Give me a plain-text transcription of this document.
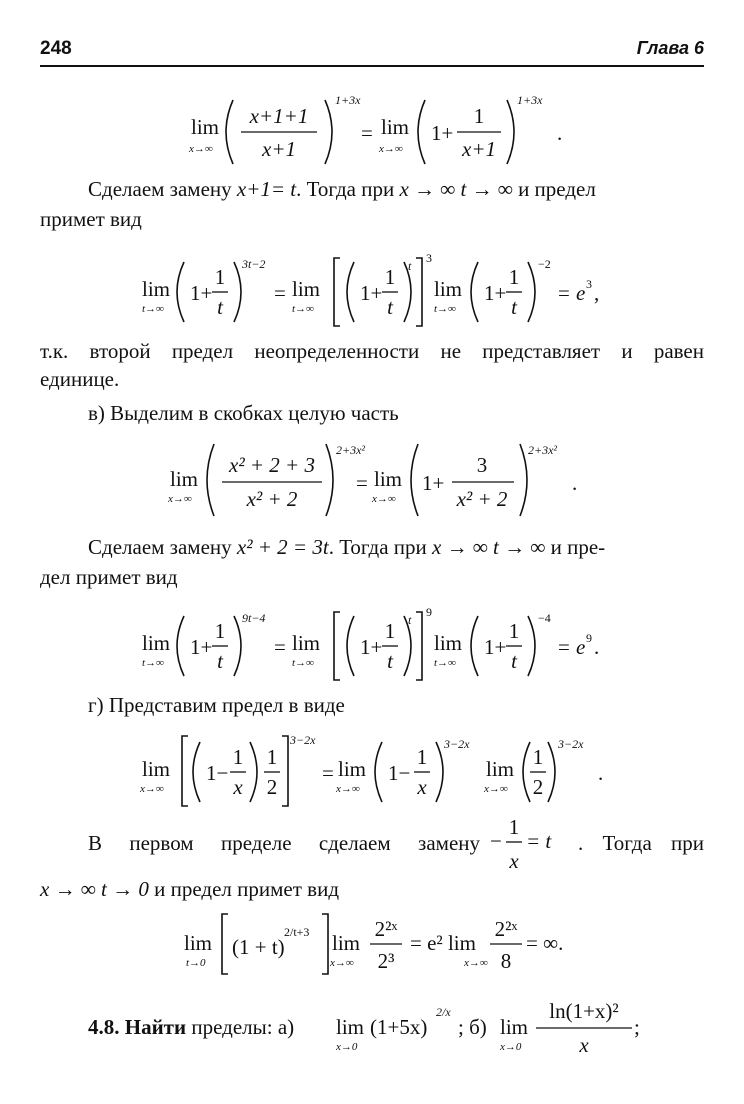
248	Глава 6
lim
x→∞
x+1+1
x+1
1+3x
= lim
x→∞
1+
1
x+1
1+3x
.

Сделаем замену x+1= t. Тогда при x → ∞ t → ∞ и предел

примет вид

lim
t→∞
1+
1
t
3t−2
= lim
t→∞
1+
1
t
t
3
lim
t→∞
1+
1
t
−2
= e 3 ,

т.к. второй предел неопределенности не представляет и равен

единице.

в) Выделим в скобках целую часть

lim
x→∞
x² + 2 + 3
x² + 2
2+3x²
= lim
x→∞
1+
3
x² + 2
2+3x²
.

Сделаем замену x² + 2 = 3t. Тогда при x → ∞ t → ∞ и пре-

дел примет вид

lim
t→∞
1+
1
t
9t−4
= lim
t→∞
1+
1
t
t
9
lim
t→∞
1+
1
t
−4
= e 9 .

г) Представим предел в виде

lim
x→∞
1−
1
x
1
2
3−2x
= lim
x→∞
1−
1
x
3−2x
lim
x→∞
1
2
3−2x
.

В первом пределе сделаем замену −
1
x
= t . Тогда при

x → ∞ t → 0 и предел примет вид

lim
t→0
(1 + t)
2/t+3 lim
x→∞
2²ˣ
2³
= e² lim
x→∞
2²ˣ
8
= ∞.

4.8. Найти пределы: а) lim
x→0
(1+5x)
2/x

; б) lim
x→0
ln(1+x)²
x
;
